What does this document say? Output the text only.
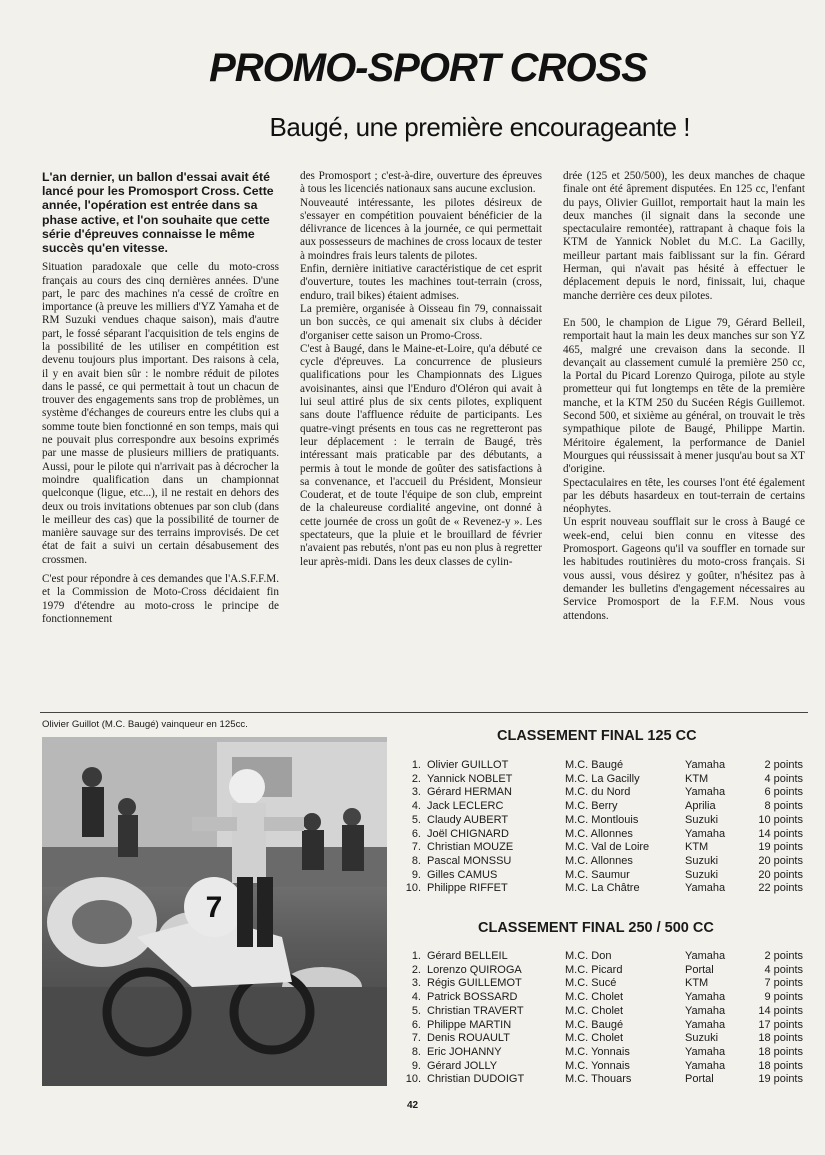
PROMO-SPORT CROSS
Baugé, une première encourageante !

L'an dernier, un ballon d'essai avait été lancé pour les Promosport Cross. Cette année, l'opération est entrée dans sa phase active, et l'on souhaite que cette série d'épreuves connaisse le même succès qu'en vitesse.

Situation paradoxale que celle du moto-cross français au cours des cinq dernières années. D'une part, le parc des machines n'a cessé de croître en importance (à preuve les milliers d'YZ Yamaha et de RM Suzuki vendues chaque saison), mais d'autre part, le fossé séparant l'acquisition de tels engins de la possibilité de les utiliser en compétition est devenu toujours plus important. Des raisons à cela, il y en avait bien sûr : le nombre réduit de pilotes dans le passé, ce qui permettait à tout un chacun de trouver des engagements sans trop de problèmes, un système d'échanges de coureurs entre les clubs qui a somme toute bien fonctionné en son temps, mais qui ne pouvait plus correspondre aux besoins exprimés par une masse de plusieurs milliers de pratiquants. Aussi, pour le pilote qui n'arrivait pas à décrocher la moindre qualification dans un championnat quelconque (ligue, etc...), il ne restait en dehors des deux ou trois invitations obtenues par son club (dans le meilleur des cas) que la possibilité de tourner de manière sauvage sur des terrains improvisés. De cet état de fait a suivi un certain désabusement des crossmen.

C'est pour répondre à ces demandes que l'A.S.F.F.M. et la Commission de Moto-Cross décidaient fin 1979 d'étendre au moto-cross le principe de fonctionnement

des Promosport ; c'est-à-dire, ouverture des épreuves à tous les licenciés nationaux sans aucune exclusion.

Nouveauté intéressante, les pilotes désireux de s'essayer en compétition pouvaient bénéficier de la délivrance de licences à la journée, ce qui permettait aux possesseurs de machines de cross locaux de tester à moindres frais leurs talents de pilotes.

Enfin, dernière initiative caractéristique de cet esprit d'ouverture, toutes les machines tout-terrain (cross, enduro, trail bikes) étaient admises.

La première, organisée à Oisseau fin 79, connaissait un bon succès, ce qui amenait six clubs à décider d'organiser cette saison un Promo-Cross.

C'est à Baugé, dans le Maine-et-Loire, qu'a débuté ce cycle d'épreuves. La concurrence de plusieurs qualifications pour les Championnats des Ligues avoisinantes, ainsi que l'Enduro d'Oléron qui avait à lui seul attiré plus de six cents pilotes, expliquent sans doute l'affluence réduite de participants. Les quatre-vingt présents en tous cas ne regretteront pas leur déplacement : le terrain de Baugé, très intéressant mais praticable par des débutants, a permis à tout le monde de goûter des satisfactions à sa convenance, et l'accueil du Président, Monsieur Couderat, et de toute l'équipe de son club, empreint de la chaleureuse cordialité angevine, ont donné à cette journée de cross un goût de « Revenez-y ». Les spectateurs, que la pluie et le brouillard de février n'avaient pas rebutés, n'ont pas eu non plus à regretter leur après-midi. Dans les deux classes de cylin-

drée (125 et 250/500), les deux manches de chaque finale ont été âprement disputées. En 125 cc, l'enfant du pays, Olivier Guillot, remportait haut la main les deux manches (il signait dans la seconde une spectaculaire remontée), rattrapant à chaque fois la KTM de Yannick Noblet du M.C. La Gacilly, meilleur partant mais faiblissant sur la fin. Gérard Herman, qui n'avait pas hésité à effectuer le déplacement depuis le nord, finissait, lui, chaque manche derrière ces deux pilotes.

En 500, le champion de Ligue 79, Gérard Belleil, remportait haut la main les deux manches sur son YZ 465, malgré une crevaison dans la seconde. Il devançait au classement cumulé la première 250 cc, la Portal du Picard Lorenzo Quiroga, pilote au style prometteur qui fut longtemps en tête de la première manche, et la KTM 250 du Sucéen Régis Guillemot. Second 500, et sixième au général, on trouvait le très sympathique pilote de Baugé, Philippe Martin. Méritoire également, la performance de Daniel Mourgues qui réussissait à mener jusqu'au bout sa XT d'origine.

Spectaculaires en tête, les courses l'ont été également par les débuts hasardeux en tout-terrain de certains néophytes.

Un esprit nouveau soufflait sur le cross à Baugé ce week-end, celui bien connu en vitesse des Promosport. Gageons qu'il va souffler en tornade sur les habitudes routinières du moto-cross français. Si vous aussi, vous désirez y goûter, n'hésitez pas à demander les bulletins d'engagement nécessaires au Service Promosport de la F.F.M. Nous vous attendons.

Olivier Guillot (M.C. Baugé) vainqueur en 125cc.
7
CLASSEMENT FINAL 125 CC
1. Olivier GUILLOT	M.C. Baugé	Yamaha	2 points
2. Yannick NOBLET	M.C. La Gacilly	KTM	4 points
3. Gérard HERMAN	M.C. du Nord	Yamaha	6 points
4. Jack LECLERC	M.C. Berry	Aprilia	8 points
5. Claudy AUBERT	M.C. Montlouis	Suzuki	10 points
6. Joël CHIGNARD	M.C. Allonnes	Yamaha	14 points
7. Christian MOUZE	M.C. Val de Loire	KTM	19 points
8. Pascal MONSSU	M.C. Allonnes	Suzuki	20 points
9. Gilles CAMUS	M.C. Saumur	Suzuki	20 points
10. Philippe RIFFET	M.C. La Châtre	Yamaha	22 points
CLASSEMENT FINAL 250 / 500 CC
1. Gérard BELLEIL	M.C. Don	Yamaha	2 points
2. Lorenzo QUIROGA	M.C. Picard	Portal	4 points
3. Régis GUILLEMOT	M.C. Sucé	KTM	7 points
4. Patrick BOSSARD	M.C. Cholet	Yamaha	9 points
5. Christian TRAVERT	M.C. Cholet	Yamaha	14 points
6. Philippe MARTIN	M.C. Baugé	Yamaha	17 points
7. Denis ROUAULT	M.C. Cholet	Suzuki	18 points
8. Eric JOHANNY	M.C. Yonnais	Yamaha	18 points
9. Gérard JOLLY	M.C. Yonnais	Yamaha	18 points
10. Christian DUDOIGT	M.C. Thouars	Portal	19 points
42
